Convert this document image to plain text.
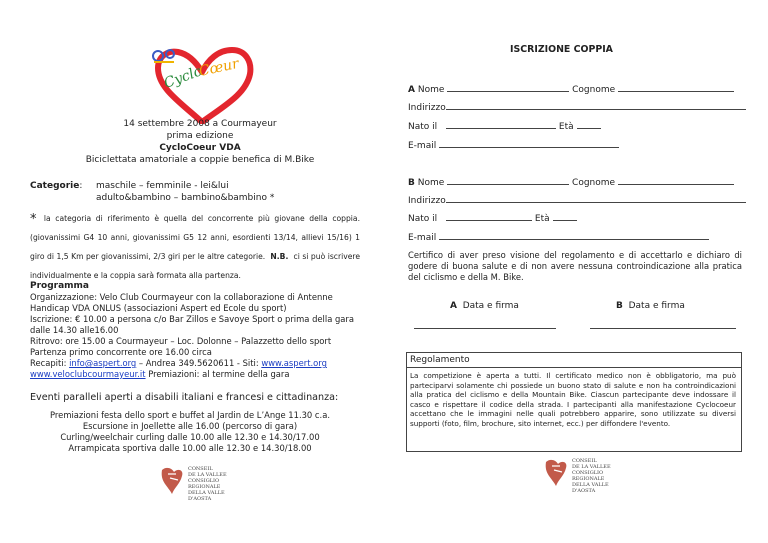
Cyclo
Cœur
14 settembre 2008 a Courmayeur
prima edizione
CycloCoeur VDA
Biciclettata amatoriale a coppie benefica di M.Bike
Categorie: maschile – femminile - lei&lui
adulto&bambino – bambino&bambino *
* la categoria di riferimento è quella del concorrente più giovane della coppia. (giovanissimi G4 10 anni, giovanissimi G5 12 anni, esordienti 13/14, allievi 15/16) 1 giro di 1,5 Km per giovanissimi, 2/3 giri per le altre categorie. N.B. ci si può iscrivere individualmente e la coppia sarà formata alla partenza.
Programma
Organizzazione: Velo Club Courmayeur con la collaborazione di Antenne Handicap VDA ONLUS (associazioni Aspert ed Ecole du sport)
Iscrizione: € 10.00 a persona c/o Bar Zillos e Savoye Sport o prima della gara dalle 14.30 alle16.00
Ritrovo: ore 15.00 a Courmayeur – Loc. Dolonne – Palazzetto dello sport
Partenza primo concorrente ore 16.00 circa
Recapiti: info@aspert.org – Andrea 349.5620611 - Siti: www.aspert.org
www.veloclubcourmayeur.it Premiazioni: al termine della gara
Eventi paralleli aperti a disabili italiani e francesi e cittadinanza:
Premiazioni festa dello sport e buffet al Jardin de L’Ange 11.30 c.a.
Escursione in Joellette alle 16.00 (percorso di gara)
Curling/weelchair curling dalle 10.00 alle 12.30 e 14.30/17.00
Arrampicata sportiva dalle 10.00 alle 12.30 e 14.30/18.00
CONSEIL
DE LA VALLEE
CONSIGLIO
REGIONALE
DELLA VALLE
D'AOSTA
ISCRIZIONE COPPIA
A Nome	Cognome
Indirizzo
Nato il	Età
E-mail
B Nome	Cognome
Indirizzo
Nato il	Età
E-mail
Certifico di aver preso visione del regolamento e di accettarlo e dichiaro di godere di buona salute e di non avere nessuna controindicazione alla pratica del ciclismo e della M. Bike.
A Data e firma	B Data e firma
Regolamento
La competizione è aperta a tutti. Il certificato medico non è obbligatorio, ma può parteciparvi solamente chi possiede un buono stato di salute e non ha controindicazioni alla pratica del ciclismo e della Mountain Bike. Ciascun partecipante deve indossare il casco e rispettare il codice della strada. I partecipanti alla manifestazione Cyclocoeur accettano che le immagini nelle quali potrebbero apparire, sono utilizzate su diversi supporti (foto, film, brochure, sito internet, ecc.) per diffondere l'evento.
CONSEIL
DE LA VALLEE
CONSIGLIO
REGIONALE
DELLA VALLE
D'AOSTA
